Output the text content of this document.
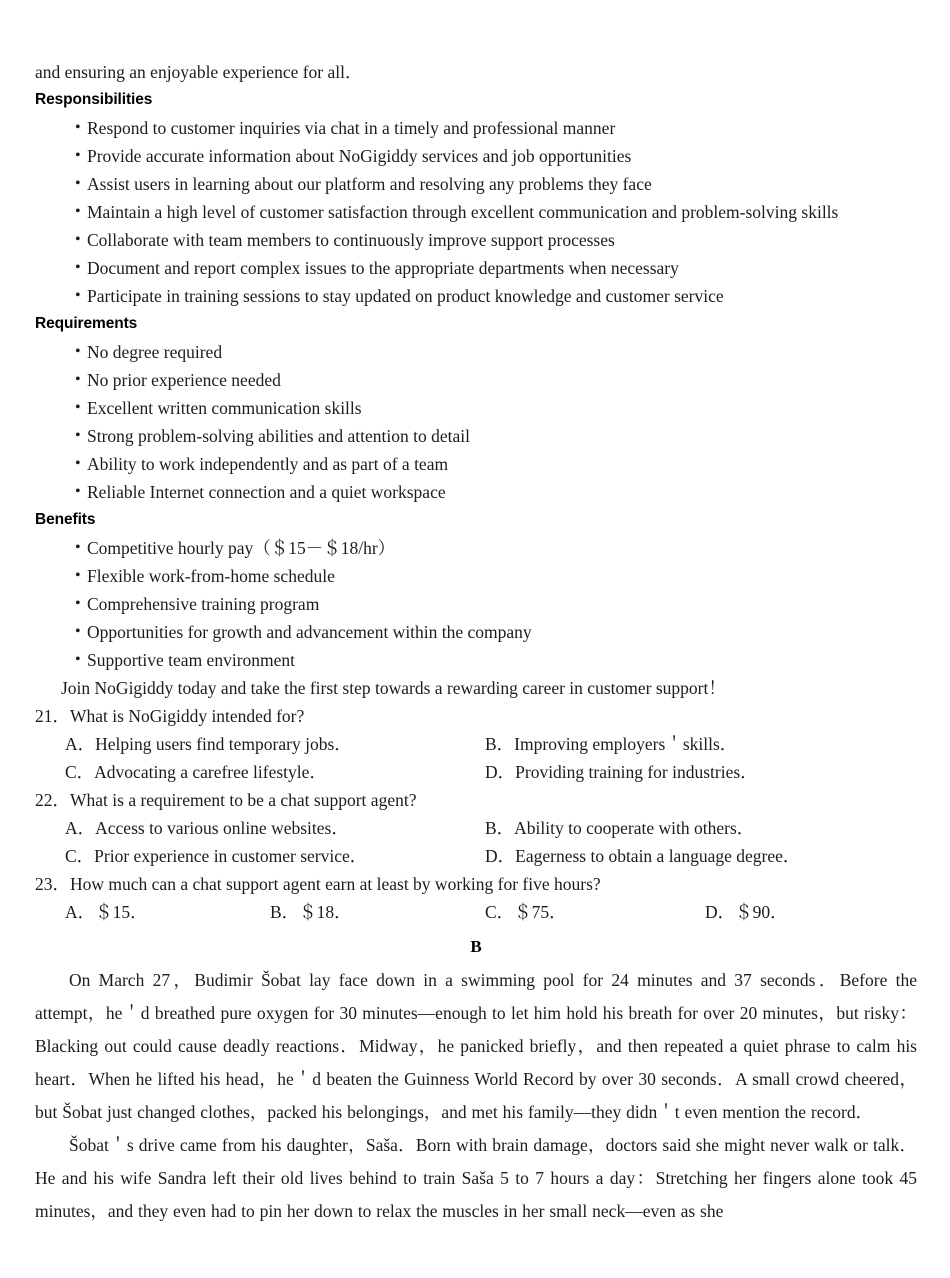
and ensuring an enjoyable experience for all．
Responsibilities
• Respond to customer inquiries via chat in a timely and professional manner
• Provide accurate information about NoGigiddy services and job opportunities
• Assist users in learning about our platform and resolving any problems they face
• Maintain a high level of customer satisfaction through excellent communication and problem-solving skills
• Collaborate with team members to continuously improve support processes
• Document and report complex issues to the appropriate departments when necessary
• Participate in training sessions to stay updated on product knowledge and customer service
Requirements
• No degree required
• No prior experience needed
• Excellent written communication skills
• Strong problem-solving abilities and attention to detail
• Ability to work independently and as part of a team
• Reliable Internet connection and a quiet workspace
Benefits
• Competitive hourly pay（＄15－＄18/hr）
• Flexible work-from-home schedule
• Comprehensive training program
• Opportunities for growth and advancement within the company
• Supportive team environment
Join NoGigiddy today and take the first step towards a rewarding career in customer support！
21．What is NoGigiddy intended for?
A．Helping users find temporary jobs．	B．Improving employers＇skills．
C．Advocating a carefree lifestyle．	D．Providing training for industries．
22．What is a requirement to be a chat support agent?
A．Access to various online websites．	B．Ability to cooperate with others．
C．Prior experience in customer service．	D．Eagerness to obtain a language degree．
23．How much can a chat support agent earn at least by working for five hours?
A．＄15．	B．＄18．	C．＄75．	D．＄90．
B
On March 27，Budimir Šobat lay face down in a swimming pool for 24 minutes and 37 seconds．Before the attempt，he＇d breathed pure oxygen for 30 minutes—enough to let him hold his breath for over 20 minutes，but risky：Blacking out could cause deadly reactions．Midway，he panicked briefly，and then repeated a quiet phrase to calm his heart．When he lifted his head，he＇d beaten the Guinness World Record by over 30 seconds．A small crowd cheered，but Šobat just changed clothes，packed his belongings，and met his family—they didn＇t even mention the record．
Šobat＇s drive came from his daughter，Saša．Born with brain damage，doctors said she might never walk or talk．He and his wife Sandra left their old lives behind to train Saša 5 to 7 hours a day：Stretching her fingers alone took 45 minutes，and they even had to pin her down to relax the muscles in her small neck—even as she
